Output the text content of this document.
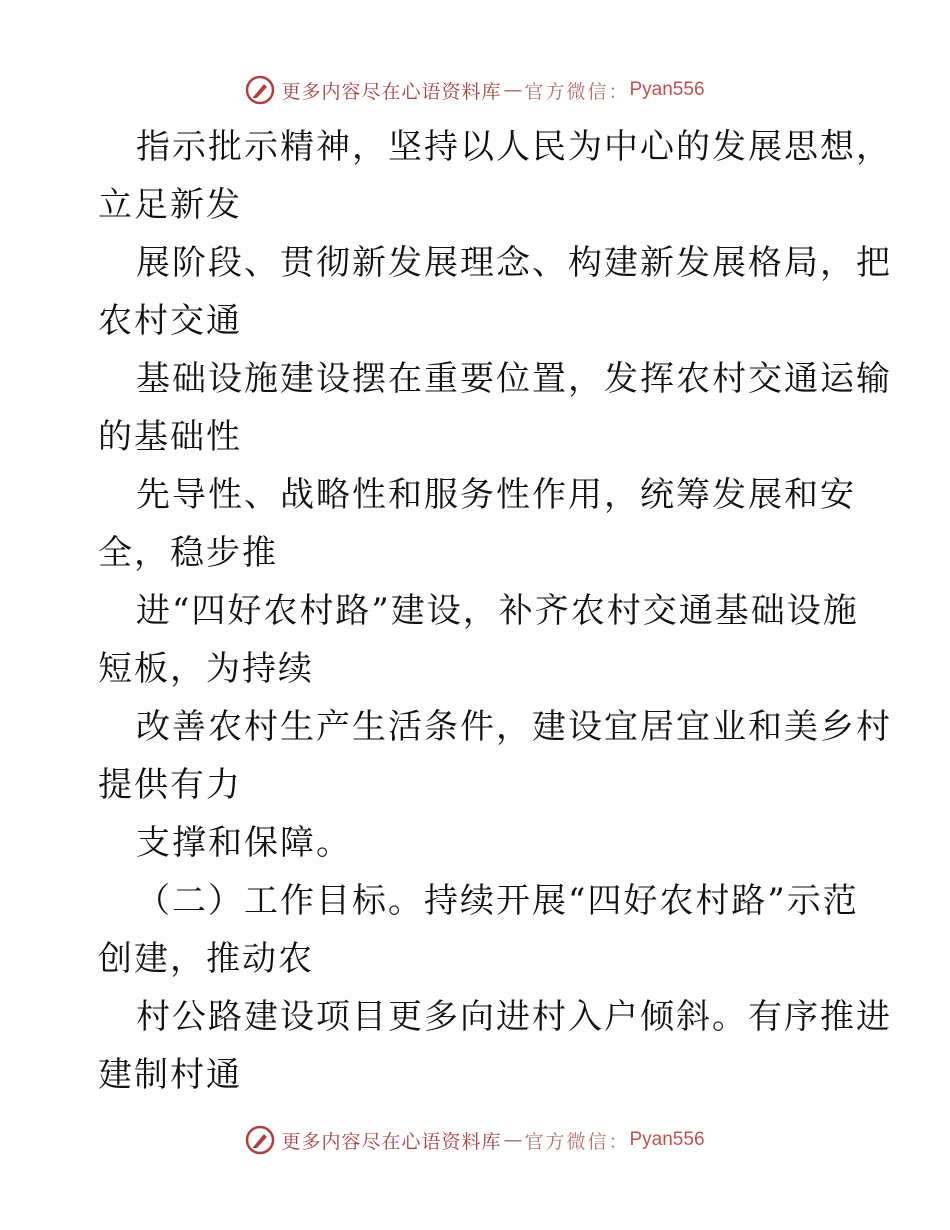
更多内容尽在心语资料库 — 官方微信： Pyan556

指示批示精神，坚持以人民为中心的发展思想，
立足新发

展阶段、贯彻新发展理念、构建新发展格局，把
农村交通

基础设施建设摆在重要位置，发挥农村交通运输
的基础性

先导性、战略性和服务性作用，统筹发展和安
全，稳步推

进“四好农村路”建设，补齐农村交通基础设施
短板，为持续

改善农村生产生活条件，建设宜居宜业和美乡村
提供有力

支撑和保障。

（二）工作目标。持续开展“四好农村路”示范
创建，推动农

村公路建设项目更多向进村入户倾斜。有序推进
建制村通

更多内容尽在心语资料库 — 官方微信： Pyan556
